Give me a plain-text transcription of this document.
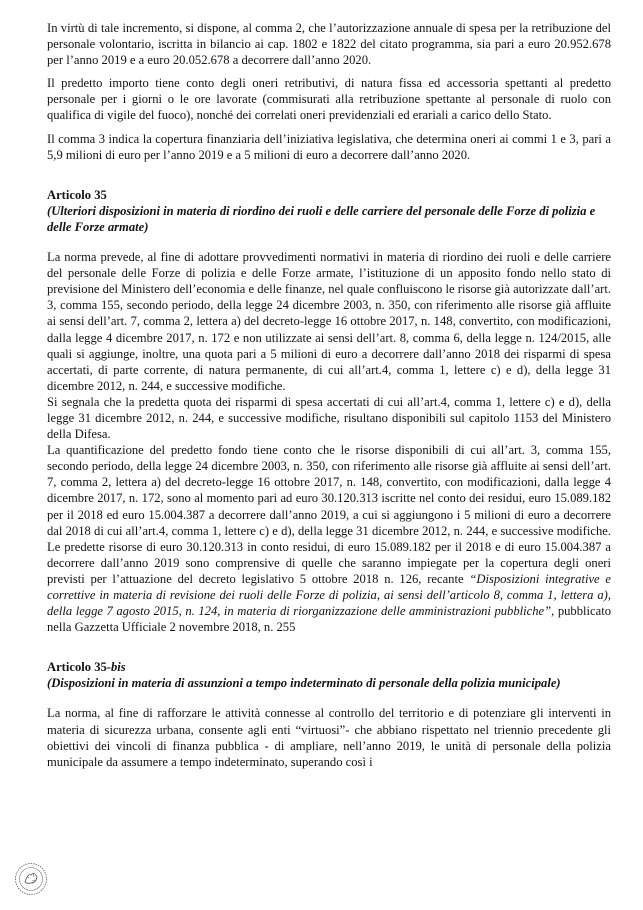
In virtù di tale incremento, si dispone, al comma 2, che l’autorizzazione annuale di spesa per la retribuzione del personale volontario, iscritta in bilancio ai cap. 1802 e 1822 del citato programma, sia pari a euro 20.952.678 per l’anno 2019 e a euro 20.052.678 a decorrere dall’anno 2020.

Il predetto importo tiene conto degli oneri retributivi, di natura fissa ed accessoria spettanti al predetto personale per i giorni o le ore lavorate (commisurati alla retribuzione spettante al personale di ruolo con qualifica di vigile del fuoco), nonché dei correlati oneri previdenziali ed erariali a carico dello Stato.

Il comma 3 indica la copertura finanziaria dell’iniziativa legislativa, che determina oneri ai commi 1 e 3, pari a 5,9 milioni di euro per l’anno 2019 e a 5 milioni di euro a decorrere dall’anno 2020.

Articolo 35
(Ulteriori disposizioni in materia di riordino dei ruoli e delle carriere del personale delle Forze di polizia e delle Forze armate)

La norma prevede, al fine di adottare provvedimenti normativi in materia di riordino dei ruoli e delle carriere del personale delle Forze di polizia e delle Forze armate, l’istituzione di un apposito fondo nello stato di previsione del Ministero dell’economia e delle finanze, nel quale confluiscono le risorse già autorizzate dall’art. 3, comma 155, secondo periodo, della legge 24 dicembre 2003, n. 350, con riferimento alle risorse già affluite ai sensi dell’art. 7, comma 2, lettera a) del decreto-legge 16 ottobre 2017, n. 148, convertito, con modificazioni, dalla legge 4 dicembre 2017, n. 172 e non utilizzate ai sensi dell’art. 8, comma 6, della legge n. 124/2015, alle quali si aggiunge, inoltre, una quota pari a 5 milioni di euro a decorrere dall’anno 2018 dei risparmi di spesa accertati, di parte corrente, di natura permanente, di cui all’art.4, comma 1, lettere c) e d), della legge 31 dicembre 2012, n. 244, e successive modifiche.

Si segnala che la predetta quota dei risparmi di spesa accertati di cui all’art.4, comma 1, lettere c) e d), della legge 31 dicembre 2012, n. 244, e successive modifiche, risultano disponibili sul capitolo 1153 del Ministero della Difesa.

La quantificazione del predetto fondo tiene conto che le risorse disponibili di cui all’art. 3, comma 155, secondo periodo, della legge 24 dicembre 2003, n. 350, con riferimento alle risorse già affluite ai sensi dell’art. 7, comma 2, lettera a) del decreto-legge 16 ottobre 2017, n. 148, convertito, con modificazioni, dalla legge 4 dicembre 2017, n. 172, sono al momento pari ad euro 30.120.313 iscritte nel conto dei residui, euro 15.089.182 per il 2018 ed euro 15.004.387 a decorrere dall’anno 2019, a cui si aggiungono i 5 milioni di euro a decorrere dal 2018 di cui all’art.4, comma 1, lettere c) e d), della legge 31 dicembre 2012, n. 244, e successive modifiche. Le predette risorse di euro 30.120.313 in conto residui, di euro 15.089.182 per il 2018 e di euro 15.004.387 a decorrere dall’anno 2019 sono comprensive di quelle che saranno impiegate per la copertura degli oneri previsti per l’attuazione del decreto legislativo 5 ottobre 2018 n. 126, recante “Disposizioni integrative e correttive in materia di revisione dei ruoli delle Forze di polizia, ai sensi dell’articolo 8, comma 1, lettera a), della legge 7 agosto 2015, n. 124, in materia di riorganizzazione delle amministrazioni pubbliche”, pubblicato nella Gazzetta Ufficiale 2 novembre 2018, n. 255

Articolo 35-bis
(Disposizioni in materia di assunzioni a tempo indeterminato di personale della polizia municipale)

La norma, al fine di rafforzare le attività connesse al controllo del territorio e di potenziare gli interventi in materia di sicurezza urbana, consente agli enti “virtuosi”- che abbiano rispettato nel triennio precedente gli obiettivi dei vincoli di finanza pubblica - di ampliare, nell’anno 2019, le unità di personale della polizia municipale da assumere a tempo indeterminato, superando così i
